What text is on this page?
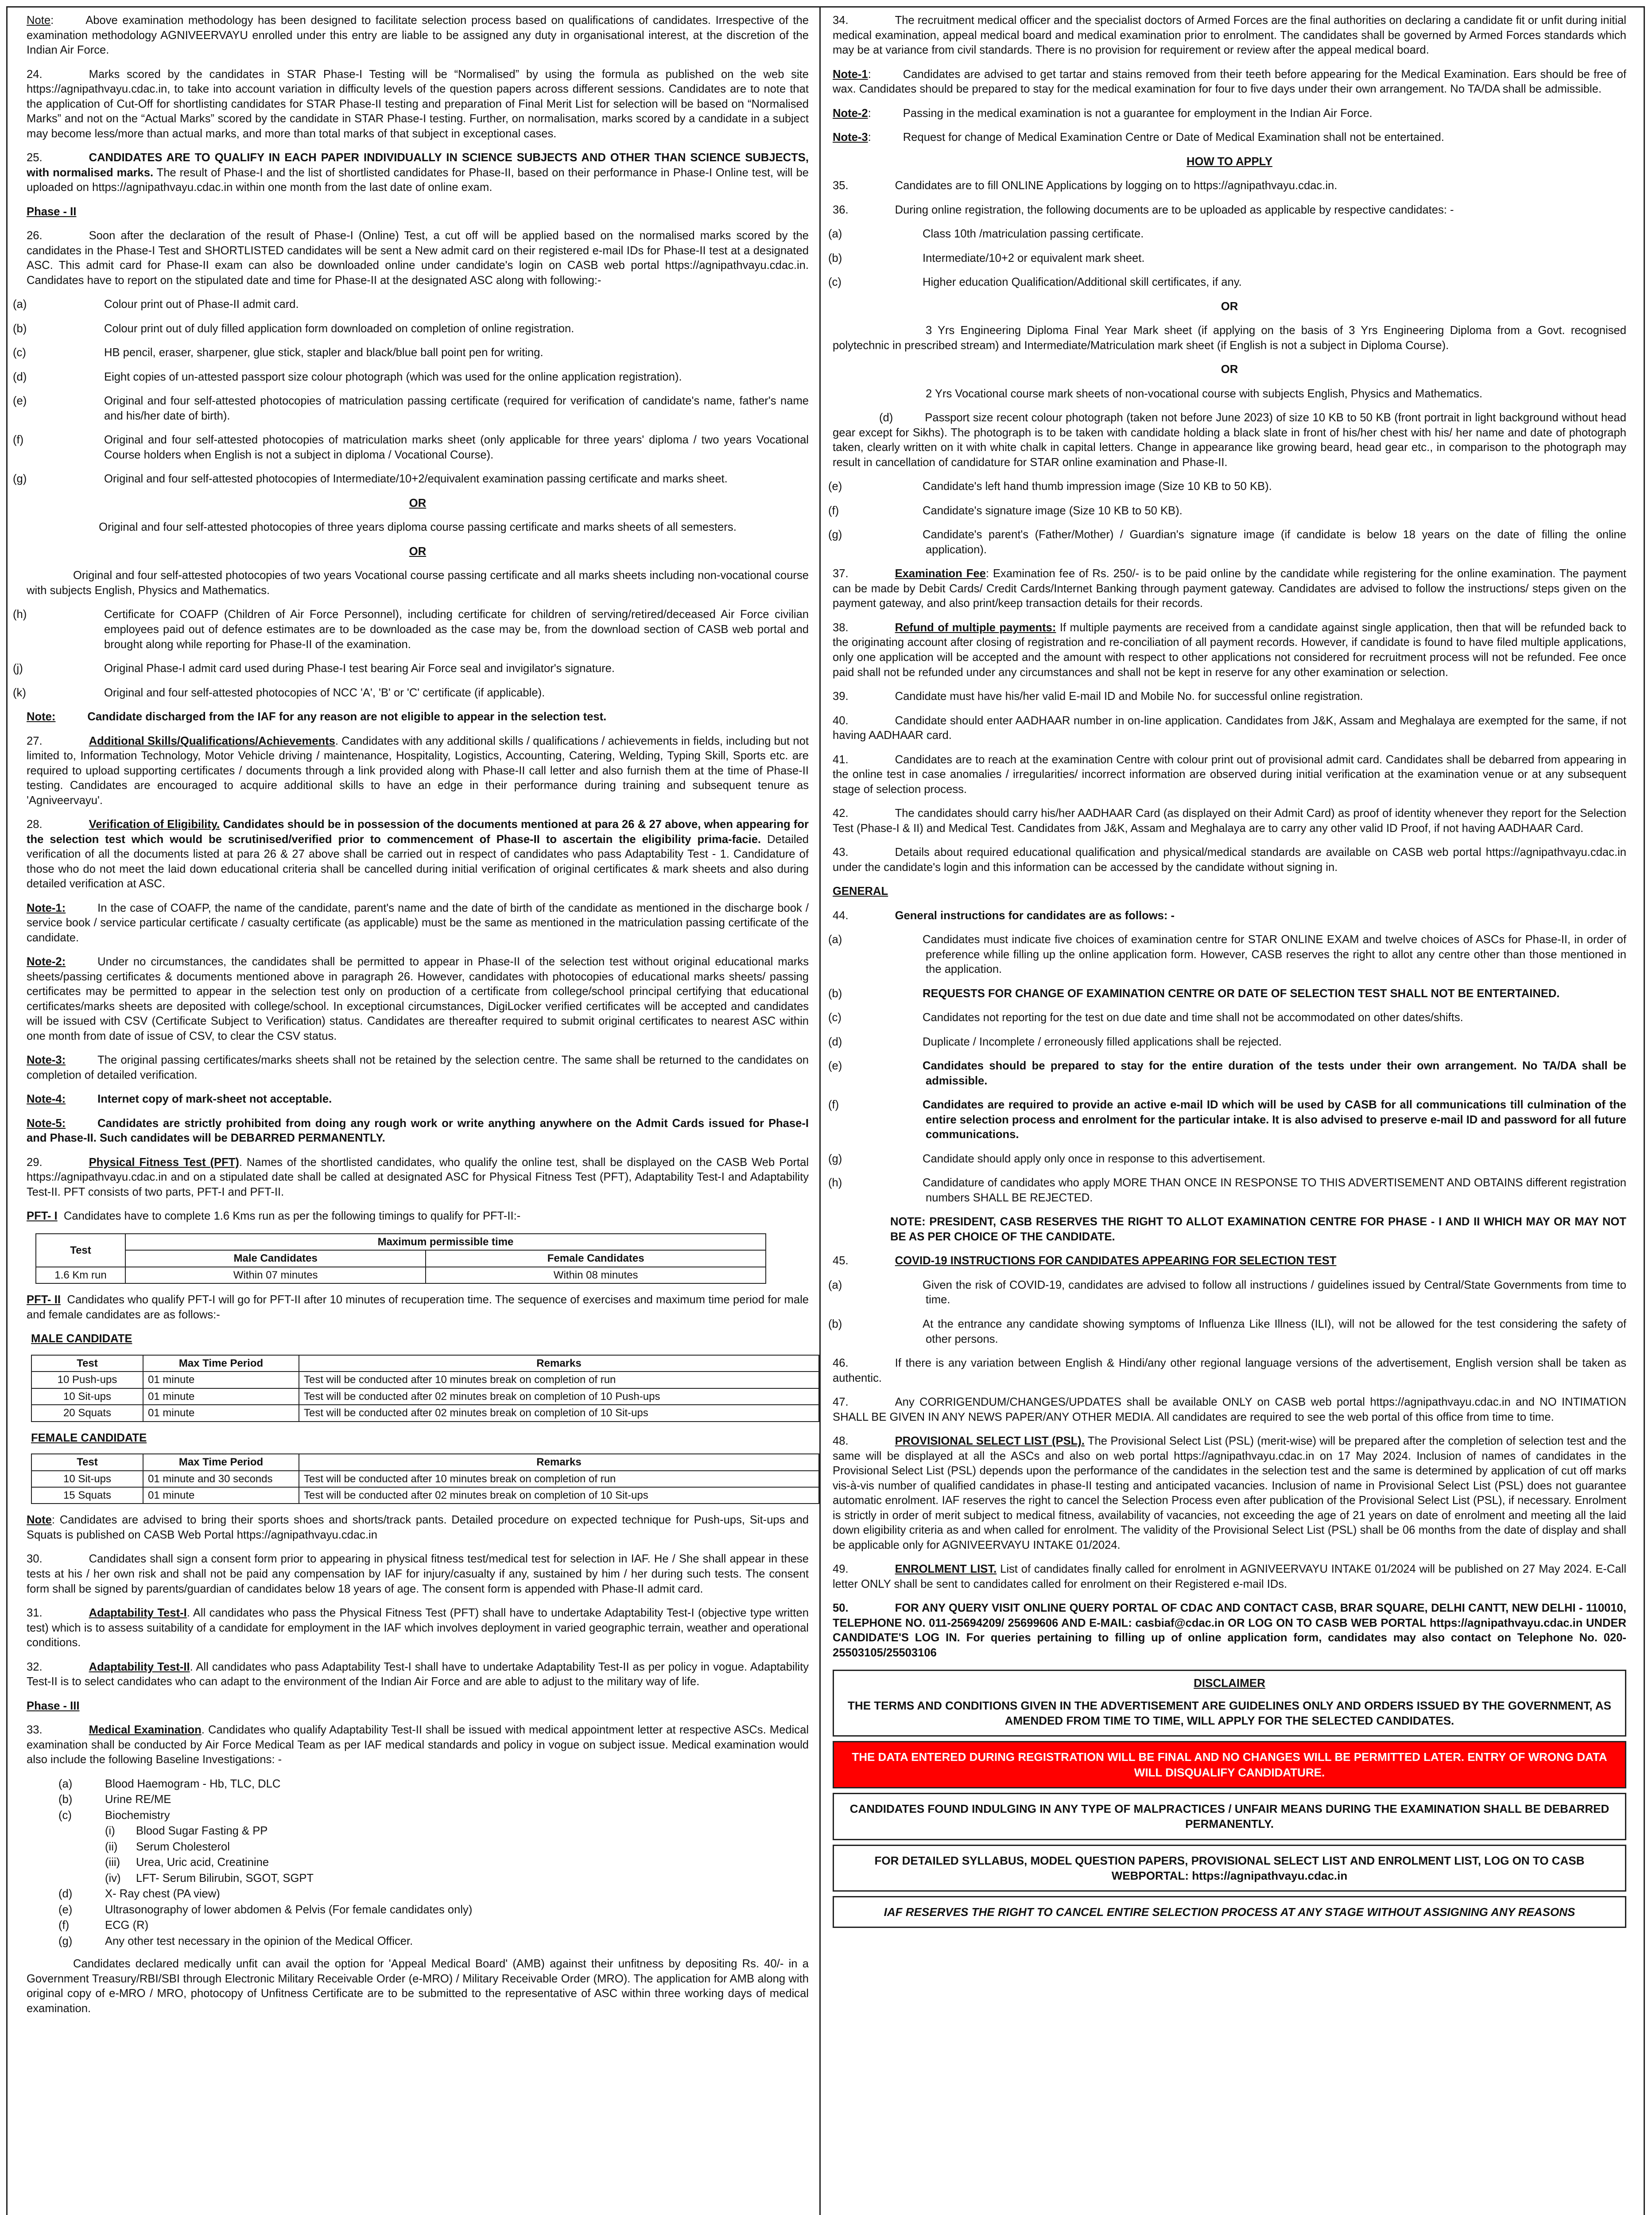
Note:	Above examination methodology has been designed to facilitate selection process based on qualifications of candidates. Irrespective of the examination methodology AGNIVEERVAYU enrolled under this entry are liable to be assigned any duty in organisational interest, at the discretion of the Indian Air Force.

24.	Marks scored by the candidates in STAR Phase-I Testing will be “Normalised” by using the formula as published on the web site https://agnipathvayu.cdac.in, to take into account variation in difficulty levels of the question papers across different sessions. Candidates are to note that the application of Cut-Off for shortlisting candidates for STAR Phase-II testing and preparation of Final Merit List for selection will be based on “Normalised Marks” and not on the “Actual Marks” scored by the candidate in STAR Phase-I testing. Further, on normalisation, marks scored by a candidate in a subject may become less/more than actual marks, and more than total marks of that subject in exceptional cases.

25.	CANDIDATES ARE TO QUALIFY IN EACH PAPER INDIVIDUALLY IN SCIENCE SUBJECTS AND OTHER THAN SCIENCE SUBJECTS, with normalised marks. The result of Phase-I and the list of shortlisted candidates for Phase-II, based on their performance in Phase-I Online test, will be uploaded on https://agnipathvayu.cdac.in within one month from the last date of online exam.

Phase - II

26.	Soon after the declaration of the result of Phase-I (Online) Test, a cut off will be applied based on the normalised marks scored by the candidates in the Phase-I Test and SHORTLISTED candidates will be sent a New admit card on their registered e-mail IDs for Phase-II test at a designated ASC. This admit card for Phase-II exam can also be downloaded online under candidate's login on CASB web portal https://agnipathvayu.cdac.in. Candidates have to report on the stipulated date and time for Phase-II at the designated ASC along with following:-

(a)	Colour print out of Phase-II admit card.

(b)	Colour print out of duly filled application form downloaded on completion of online registration.

(c)	HB pencil, eraser, sharpener, glue stick, stapler and black/blue ball point pen for writing.

(d)	Eight copies of un-attested passport size colour photograph (which was used for the online application registration).

(e)	Original and four self-attested photocopies of matriculation passing certificate (required for verification of candidate's name, father's name and his/her date of birth).

(f)	Original and four self-attested photocopies of matriculation marks sheet (only applicable for three years' diploma / two years Vocational Course holders when English is not a subject in diploma / Vocational Course).

(g)	Original and four self-attested photocopies of Intermediate/10+2/equivalent examination passing certificate and marks sheet.

OR

Original and four self-attested photocopies of three years diploma course passing certificate and marks sheets of all semesters.

OR

Original and four self-attested photocopies of two years Vocational course passing certificate and all marks sheets including non-vocational course with subjects English, Physics and Mathematics.

(h)	Certificate for COAFP (Children of Air Force Personnel), including certificate for children of serving/retired/deceased Air Force civilian employees paid out of defence estimates are to be downloaded as the case may be, from the download section of CASB web portal and brought along while reporting for Phase-II of the examination.

(j)	Original Phase-I admit card used during Phase-I test bearing Air Force seal and invigilator's signature.

(k)	Original and four self-attested photocopies of NCC 'A', 'B' or 'C' certificate (if applicable).

Note:	Candidate discharged from the IAF for any reason are not eligible to appear in the selection test.

27.	Additional Skills/Qualifications/Achievements. Candidates with any additional skills / qualifications / achievements in fields, including but not limited to, Information Technology, Motor Vehicle driving / maintenance, Hospitality, Logistics, Accounting, Catering, Welding, Typing Skill, Sports etc. are required to upload supporting certificates / documents through a link provided along with Phase-II call letter and also furnish them at the time of Phase-II testing. Candidates are encouraged to acquire additional skills to have an edge in their performance during training and subsequent tenure as 'Agniveervayu'.

28.	Verification of Eligibility. Candidates should be in possession of the documents mentioned at para 26 & 27 above, when appearing for the selection test which would be scrutinised/verified prior to commencement of Phase-II to ascertain the eligibility prima-facie. Detailed verification of all the documents listed at para 26 & 27 above shall be carried out in respect of candidates who pass Adaptability Test - 1. Candidature of those who do not meet the laid down educational criteria shall be cancelled during initial verification of original certificates & mark sheets and also during detailed verification at ASC.

Note-1:	In the case of COAFP, the name of the candidate, parent's name and the date of birth of the candidate as mentioned in the discharge book / service book / service particular certificate / casualty certificate (as applicable) must be the same as mentioned in the matriculation passing certificate of the candidate.

Note-2:	Under no circumstances, the candidates shall be permitted to appear in Phase-II of the selection test without original educational marks sheets/passing certificates & documents mentioned above in paragraph 26. However, candidates with photocopies of educational marks sheets/ passing certificates may be permitted to appear in the selection test only on production of a certificate from college/school principal certifying that educational certificates/marks sheets are deposited with college/school. In exceptional circumstances, DigiLocker verified certificates will be accepted and candidates will be issued with CSV (Certificate Subject to Verification) status. Candidates are thereafter required to submit original certificates to nearest ASC within one month from date of issue of CSV, to clear the CSV status.

Note-3:	The original passing certificates/marks sheets shall not be retained by the selection centre. The same shall be returned to the candidates on completion of detailed verification.

Note-4:	Internet copy of mark-sheet not acceptable.

Note-5:	Candidates are strictly prohibited from doing any rough work or write anything anywhere on the Admit Cards issued for Phase-I and Phase-II. Such candidates will be DEBARRED PERMANENTLY.

29.	Physical Fitness Test (PFT). Names of the shortlisted candidates, who qualify the online test, shall be displayed on the CASB Web Portal https://agnipathvayu.cdac.in and on a stipulated date shall be called at designated ASC for Physical Fitness Test (PFT), Adaptability Test-I and Adaptability Test-II. PFT consists of two parts, PFT-I and PFT-II.

PFT- I Candidates have to complete 1.6 Kms run as per the following timings to qualify for PFT-II:-

Test	Maximum permissible time	
	Male Candidates	Female Candidates
1.6 Km run	Within 07 minutes	Within 08 minutes

PFT- II Candidates who qualify PFT-I will go for PFT-II after 10 minutes of recuperation time. The sequence of exercises and maximum time period for male and female candidates are as follows:-

MALE CANDIDATE

Test	Max Time Period	Remarks
10 Push-ups	01 minute	Test will be conducted after 10 minutes break on completion of run
10 Sit-ups	01 minute	Test will be conducted after 02 minutes break on completion of 10 Push-ups
20 Squats	01 minute	Test will be conducted after 02 minutes break on completion of 10 Sit-ups

FEMALE CANDIDATE

Test	Max Time Period	Remarks
10 Sit-ups	01 minute and 30 seconds	Test will be conducted after 10 minutes break on completion of run
15 Squats	01 minute	Test will be conducted after 02 minutes break on completion of 10 Sit-ups

Note: Candidates are advised to bring their sports shoes and shorts/track pants. Detailed procedure on expected technique for Push-ups, Sit-ups and Squats is published on CASB Web Portal https://agnipathvayu.cdac.in

30.	Candidates shall sign a consent form prior to appearing in physical fitness test/medical test for selection in IAF. He / She shall appear in these tests at his / her own risk and shall not be paid any compensation by IAF for injury/casualty if any, sustained by him / her during such tests. The consent form shall be signed by parents/guardian of candidates below 18 years of age. The consent form is appended with Phase-II admit card.

31.	Adaptability Test-I. All candidates who pass the Physical Fitness Test (PFT) shall have to undertake Adaptability Test-I (objective type written test) which is to assess suitability of a candidate for employment in the IAF which involves deployment in varied geographic terrain, weather and operational conditions.

32.	Adaptability Test-II. All candidates who pass Adaptability Test-I shall have to undertake Adaptability Test-II as per policy in vogue. Adaptability Test-II is to select candidates who can adapt to the environment of the Indian Air Force and are able to adjust to the military way of life.

Phase - III

33.	Medical Examination. Candidates who qualify Adaptability Test-II shall be issued with medical appointment letter at respective ASCs. Medical examination shall be conducted by Air Force Medical Team as per IAF medical standards and policy in vogue on subject issue. Medical examination would also include the following Baseline Investigations: -

(a)	Blood Haemogram - Hb, TLC, DLC
(b)	Urine RE/ME
(c)	Biochemistry
(i) Blood Sugar Fasting & PP
(ii) Serum Cholesterol
(iii) Urea, Uric acid, Creatinine
(iv) LFT- Serum Bilirubin, SGOT, SGPT
(d)	X- Ray chest (PA view)
(e)	Ultrasonography of lower abdomen & Pelvis (For female candidates only)
(f)	ECG (R)
(g)	Any other test necessary in the opinion of the Medical Officer.

Candidates declared medically unfit can avail the option for 'Appeal Medical Board' (AMB) against their unfitness by depositing Rs. 40/- in a Government Treasury/RBI/SBI through Electronic Military Receivable Order (e-MRO) / Military Receivable Order (MRO). The application for AMB along with original copy of e-MRO / MRO, photocopy of Unfitness Certificate are to be submitted to the representative of ASC within three working days of medical examination.

34.	The recruitment medical officer and the specialist doctors of Armed Forces are the final authorities on declaring a candidate fit or unfit during initial medical examination, appeal medical board and medical examination prior to enrolment. The candidates shall be governed by Armed Forces standards which may be at variance from civil standards. There is no provision for requirement or review after the appeal medical board.

Note-1:	Candidates are advised to get tartar and stains removed from their teeth before appearing for the Medical Examination. Ears should be free of wax. Candidates should be prepared to stay for the medical examination for four to five days under their own arrangement. No TA/DA shall be admissible.

Note-2:	Passing in the medical examination is not a guarantee for employment in the Indian Air Force.

Note-3:	Request for change of Medical Examination Centre or Date of Medical Examination shall not be entertained.

HOW TO APPLY

35.	Candidates are to fill ONLINE Applications by logging on to https://agnipathvayu.cdac.in.

36.	During online registration, the following documents are to be uploaded as applicable by respective candidates: -

(a)	Class 10th /matriculation passing certificate.

(b)	Intermediate/10+2 or equivalent mark sheet.

(c)	Higher education Qualification/Additional skill certificates, if any.

OR

3 Yrs Engineering Diploma Final Year Mark sheet (if applying on the basis of 3 Yrs Engineering Diploma from a Govt. recognised polytechnic in prescribed stream) and Intermediate/Matriculation mark sheet (if English is not a subject in Diploma Course).

OR

2 Yrs Vocational course mark sheets of non-vocational course with subjects English, Physics and Mathematics.

(d)	Passport size recent colour photograph (taken not before June 2023) of size 10 KB to 50 KB (front portrait in light background without head gear except for Sikhs). The photograph is to be taken with candidate holding a black slate in front of his/her chest with his/ her name and date of photograph taken, clearly written on it with white chalk in capital letters. Change in appearance like growing beard, head gear etc., in comparison to the photograph may result in cancellation of candidature for STAR online examination and Phase-II.

(e)	Candidate's left hand thumb impression image (Size 10 KB to 50 KB).

(f)	Candidate's signature image (Size 10 KB to 50 KB).

(g)	Candidate's parent's (Father/Mother) / Guardian's signature image (if candidate is below 18 years on the date of filling the online application).

37.	Examination Fee: Examination fee of Rs. 250/- is to be paid online by the candidate while registering for the online examination. The payment can be made by Debit Cards/ Credit Cards/Internet Banking through payment gateway. Candidates are advised to follow the instructions/ steps given on the payment gateway, and also print/keep transaction details for their records.

38.	Refund of multiple payments: If multiple payments are received from a candidate against single application, then that will be refunded back to the originating account after closing of registration and re-conciliation of all payment records. However, if candidate is found to have filed multiple applications, only one application will be accepted and the amount with respect to other applications not considered for recruitment process will not be refunded. Fee once paid shall not be refunded under any circumstances and shall not be kept in reserve for any other examination or selection.

39.	Candidate must have his/her valid E-mail ID and Mobile No. for successful online registration.

40.	Candidate should enter AADHAAR number in on-line application. Candidates from J&K, Assam and Meghalaya are exempted for the same, if not having AADHAAR card.

41.	Candidates are to reach at the examination Centre with colour print out of provisional admit card. Candidates shall be debarred from appearing in the online test in case anomalies / irregularities/ incorrect information are observed during initial verification at the examination venue or at any subsequent stage of selection process.

42.	The candidates should carry his/her AADHAAR Card (as displayed on their Admit Card) as proof of identity whenever they report for the Selection Test (Phase-I & II) and Medical Test. Candidates from J&K, Assam and Meghalaya are to carry any other valid ID Proof, if not having AADHAAR Card.

43.	Details about required educational qualification and physical/medical standards are available on CASB web portal https://agnipathvayu.cdac.in under the candidate's login and this information can be accessed by the candidate without signing in.

GENERAL

44.	General instructions for candidates are as follows: -

(a)	Candidates must indicate five choices of examination centre for STAR ONLINE EXAM and twelve choices of ASCs for Phase-II, in order of preference while filling up the online application form. However, CASB reserves the right to allot any centre other than those mentioned in the application.

(b)	REQUESTS FOR CHANGE OF EXAMINATION CENTRE OR DATE OF SELECTION TEST SHALL NOT BE ENTERTAINED.

(c)	Candidates not reporting for the test on due date and time shall not be accommodated on other dates/shifts.

(d)	Duplicate / Incomplete / erroneously filled applications shall be rejected.

(e)	Candidates should be prepared to stay for the entire duration of the tests under their own arrangement. No TA/DA shall be admissible.

(f)	Candidates are required to provide an active e-mail ID which will be used by CASB for all communications till culmination of the entire selection process and enrolment for the particular intake. It is also advised to preserve e-mail ID and password for all future communications.

(g)	Candidate should apply only once in response to this advertisement.

(h)	Candidature of candidates who apply MORE THAN ONCE IN RESPONSE TO THIS ADVERTISEMENT AND OBTAINS different registration numbers SHALL BE REJECTED.

NOTE: PRESIDENT, CASB RESERVES THE RIGHT TO ALLOT EXAMINATION CENTRE FOR PHASE - I AND II WHICH MAY OR MAY NOT BE AS PER CHOICE OF THE CANDIDATE.

45.	COVID-19 INSTRUCTIONS FOR CANDIDATES APPEARING FOR SELECTION TEST

(a)	Given the risk of COVID-19, candidates are advised to follow all instructions / guidelines issued by Central/State Governments from time to time.

(b)	At the entrance any candidate showing symptoms of Influenza Like Illness (ILI), will not be allowed for the test considering the safety of other persons.

46.	If there is any variation between English & Hindi/any other regional language versions of the advertisement, English version shall be taken as authentic.

47.	Any CORRIGENDUM/CHANGES/UPDATES shall be available ONLY on CASB web portal https://agnipathvayu.cdac.in and NO INTIMATION SHALL BE GIVEN IN ANY NEWS PAPER/ANY OTHER MEDIA. All candidates are required to see the web portal of this office from time to time.

48.	PROVISIONAL SELECT LIST (PSL). The Provisional Select List (PSL) (merit-wise) will be prepared after the completion of selection test and the same will be displayed at all the ASCs and also on web portal https://agnipathvayu.cdac.in on 17 May 2024. Inclusion of names of candidates in the Provisional Select List (PSL) depends upon the performance of the candidates in the selection test and the same is determined by application of cut off marks vis-à-vis number of qualified candidates in phase-II testing and anticipated vacancies. Inclusion of name in Provisional Select List (PSL) does not guarantee automatic enrolment. IAF reserves the right to cancel the Selection Process even after publication of the Provisional Select List (PSL), if necessary. Enrolment is strictly in order of merit subject to medical fitness, availability of vacancies, not exceeding the age of 21 years on date of enrolment and meeting all the laid down eligibility criteria as and when called for enrolment. The validity of the Provisional Select List (PSL) shall be 06 months from the date of display and shall be applicable only for AGNIVEERVAYU INTAKE 01/2024.

49.	ENROLMENT LIST. List of candidates finally called for enrolment in AGNIVEERVAYU INTAKE 01/2024 will be published on 27 May 2024. E-Call letter ONLY shall be sent to candidates called for enrolment on their Registered e-mail IDs.

50.	FOR ANY QUERY VISIT ONLINE QUERY PORTAL OF CDAC AND CONTACT CASB, BRAR SQUARE, DELHI CANTT, NEW DELHI - 110010, TELEPHONE NO. 011-25694209/ 25699606 AND E-MAIL: casbiaf@cdac.in OR LOG ON TO CASB WEB PORTAL https://agnipathvayu.cdac.in UNDER CANDIDATE'S LOG IN. For queries pertaining to filling up of online application form, candidates may also contact on Telephone No. 020-25503105/25503106

DISCLAIMER
THE TERMS AND CONDITIONS GIVEN IN THE ADVERTISEMENT ARE GUIDELINES ONLY AND ORDERS ISSUED BY THE GOVERNMENT, AS AMENDED FROM TIME TO TIME, WILL APPLY FOR THE SELECTED CANDIDATES.
THE DATA ENTERED DURING REGISTRATION WILL BE FINAL AND NO CHANGES WILL BE PERMITTED LATER. ENTRY OF WRONG DATA WILL DISQUALIFY CANDIDATURE.
CANDIDATES FOUND INDULGING IN ANY TYPE OF MALPRACTICES / UNFAIR MEANS DURING THE EXAMINATION SHALL BE DEBARRED PERMANENTLY.
FOR DETAILED SYLLABUS, MODEL QUESTION PAPERS, PROVISIONAL SELECT LIST AND ENROLMENT LIST, LOG ON TO CASB WEBPORTAL: https://agnipathvayu.cdac.in
IAF RESERVES THE RIGHT TO CANCEL ENTIRE SELECTION PROCESS AT ANY STAGE WITHOUT ASSIGNING ANY REASONS
